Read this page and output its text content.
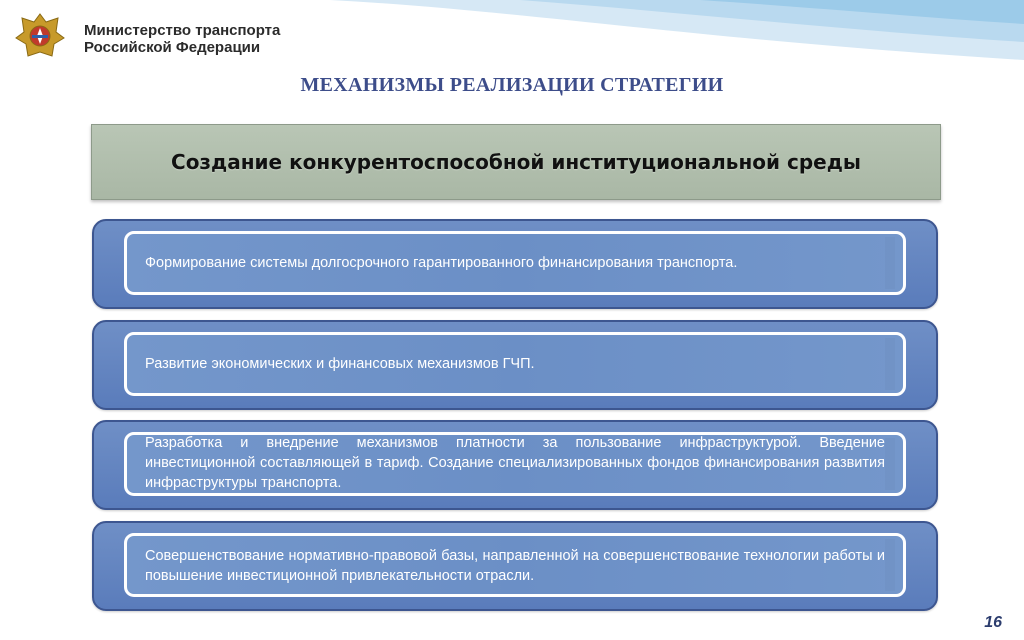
Министерство транспорта
Российской Федерации
МЕХАНИЗМЫ РЕАЛИЗАЦИИ СТРАТЕГИИ
Создание конкурентоспособной институциональной среды
Формирование системы долгосрочного гарантированного финансирования транспорта.
Развитие экономических и финансовых механизмов ГЧП.
Разработка и внедрение механизмов платности за пользование инфраструктурой. Введение инвестиционной составляющей в тариф. Создание специализированных фондов финансирования развития инфраструктуры транспорта.
Совершенствование нормативно-правовой базы, направленной на совершенствование технологии работы и повышение инвестиционной привлекательности отрасли.
16
